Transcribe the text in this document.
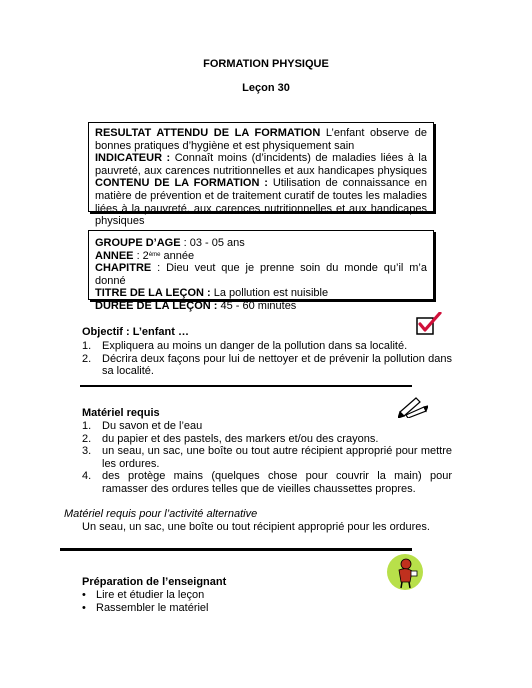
FORMATION PHYSIQUE
Leçon 30

RESULTAT ATTENDU DE LA FORMATION L’enfant observe de bonnes pratiques d’hygiène et est physiquement sain
INDICATEUR : Connaît moins (d’incidents) de maladies liées à la pauvreté, aux carences nutritionnelles et aux handicapes physiques CONTENU DE LA FORMATION : Utilisation de connaissance en matière de prévention et de traitement curatif de toutes les maladies liées à la pauvreté, aux carences nutritionnelles et aux handicapes physiques

GROUPE D’AGE : 03 - 05 ans

ANNEE : 2ème année

CHAPITRE : Dieu veut que je prenne soin du monde qu’il m’a donné

TITRE DE LA LEÇON : La pollution est nuisible

DUREE DE LA LEÇON : 45 - 60 minutes

Objectif : L’enfant …
1. Expliquera au moins un danger de la pollution dans sa localité.
2. Décrira deux façons pour lui de nettoyer et de prévenir la pollution dans sa localité.
Matériel requis
1. Du savon et de l’eau
2. du papier et des pastels, des markers et/ou des crayons.
3. un seau, un sac, une boîte ou tout autre récipient approprié pour mettre les ordures.
4. des protège mains (quelques chose pour couvrir la main) pour ramasser des ordures telles que de vieilles chaussettes propres.
Matériel requis pour l’activité alternative
Un seau, un sac, une boîte ou tout récipient approprié pour les ordures.
Préparation de l’enseignant
• Lire et étudier la leçon
• Rassembler le matériel
